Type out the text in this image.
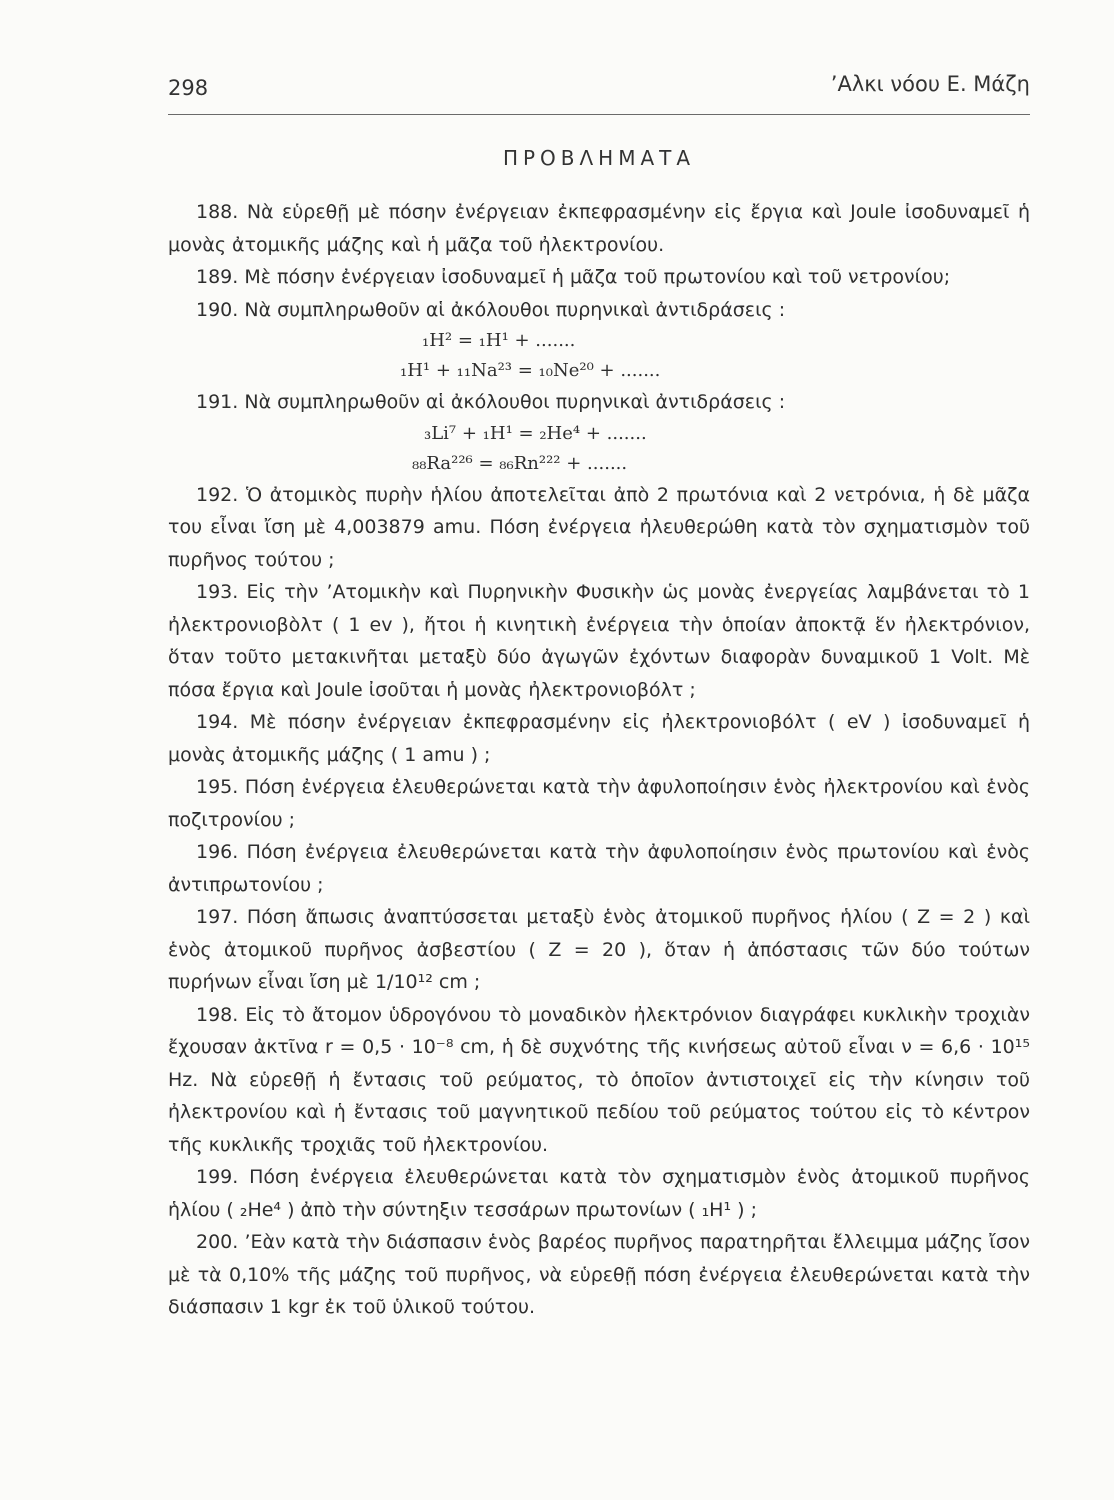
298	’Αλκι νόου Ε. Μάζη
ΠΡΟΒΛΗΜΑΤΑ

188. Νὰ εὑρεθῇ μὲ πόσην ἐνέργειαν ἐκπεφρασμένην εἰς ἔργια καὶ Joule ἰσοδυναμεῖ ἡ μονὰς ἀτομικῆς μάζης καὶ ἡ μᾶζα τοῦ ἠλεκτρονίου.

189. Μὲ πόσην ἐνέργειαν ἰσοδυναμεῖ ἡ μᾶζα τοῦ πρωτονίου καὶ τοῦ νετρονίου;

190. Νὰ συμπληρωθοῦν αἱ ἀκόλουθοι πυρηνικαὶ ἀντιδράσεις :

₁H² = ₁H¹ + .......

₁H¹ + ₁₁Na²³ = ₁₀Ne²⁰ + .......

191. Νὰ συμπληρωθοῦν αἱ ἀκόλουθοι πυρηνικαὶ ἀντιδράσεις :

₃Li⁷ + ₁H¹ = ₂He⁴ + .......

₈₈Ra²²⁶ = ₈₆Rn²²² + .......

192. Ὁ ἀτομικὸς πυρὴν ἡλίου ἀποτελεῖται ἀπὸ 2 πρωτόνια καὶ 2 νετρόνια, ἡ δὲ μᾶζα του εἶναι ἴση μὲ 4,003879 amu. Πόση ἐνέργεια ἠλευθερώθη κατὰ τὸν σχηματισμὸν τοῦ πυρῆνος τούτου ;

193. Εἰς τὴν ’Ατομικὴν καὶ Πυρηνικὴν Φυσικὴν ὡς μονὰς ἐνεργείας λαμβάνεται τὸ 1 ἠλεκτρονιοβὸλτ ( 1 ev ), ἤτοι ἡ κινητικὴ ἐνέργεια τὴν ὁποίαν ἀποκτᾷ ἕν ἠλεκτρόνιον, ὅταν τοῦτο μετακινῆται μεταξὺ δύο ἀγωγῶν ἐχόντων διαφορὰν δυναμικοῦ 1 Volt. Μὲ πόσα ἔργια καὶ Joule ἰσοῦται ἡ μονὰς ἠλεκτρονιοβόλτ ;

194. Μὲ πόσην ἐνέργειαν ἐκπεφρασμένην εἰς ἠλεκτρονιοβόλτ ( eV ) ἰσοδυναμεῖ ἡ μονὰς ἀτομικῆς μάζης ( 1 amu ) ;

195. Πόση ἐνέργεια ἐλευθερώνεται κατὰ τὴν ἀφυλοποίησιν ἑνὸς ἠλεκτρονίου καὶ ἑνὸς ποζιτρονίου ;

196. Πόση ἐνέργεια ἐλευθερώνεται κατὰ τὴν ἀφυλοποίησιν ἑνὸς πρωτονίου καὶ ἑνὸς ἀντιπρωτονίου ;

197. Πόση ἄπωσις ἀναπτύσσεται μεταξὺ ἑνὸς ἀτομικοῦ πυρῆνος ἡλίου ( Z = 2 ) καὶ ἑνὸς ἀτομικοῦ πυρῆνος ἀσβεστίου ( Z = 20 ), ὅταν ἡ ἀπόστασις τῶν δύο τούτων πυρήνων εἶναι ἴση μὲ 1/10¹² cm ;

198. Εἰς τὸ ἄτομον ὑδρογόνου τὸ μοναδικὸν ἠλεκτρόνιον διαγράφει κυκλικὴν τροχιὰν ἔχουσαν ἀκτῖνα r = 0,5 · 10⁻⁸ cm, ἡ δὲ συχνότης τῆς κινήσεως αὐτοῦ εἶναι ν = 6,6 · 10¹⁵ Hz. Νὰ εὑρεθῇ ἡ ἔντασις τοῦ ρεύματος, τὸ ὁποῖον ἀντιστοιχεῖ εἰς τὴν κίνησιν τοῦ ἠλεκτρονίου καὶ ἡ ἔντασις τοῦ μαγνητικοῦ πεδίου τοῦ ρεύματος τούτου εἰς τὸ κέντρον τῆς κυκλικῆς τροχιᾶς τοῦ ἠλεκτρονίου.

199. Πόση ἐνέργεια ἐλευθερώνεται κατὰ τὸν σχηματισμὸν ἑνὸς ἀτομικοῦ πυρῆνος ἡλίου ( ₂He⁴ ) ἀπὸ τὴν σύντηξιν τεσσάρων πρωτονίων ( ₁H¹ ) ;

200. ’Εὰν κατὰ τὴν διάσπασιν ἑνὸς βαρέος πυρῆνος παρατηρῆται ἔλλειμμα μάζης ἴσον μὲ τὰ 0,10% τῆς μάζης τοῦ πυρῆνος, νὰ εὑρεθῇ πόση ἐνέργεια ἐλευθερώνεται κατὰ τὴν διάσπασιν 1 kgr ἐκ τοῦ ὑλικοῦ τούτου.
